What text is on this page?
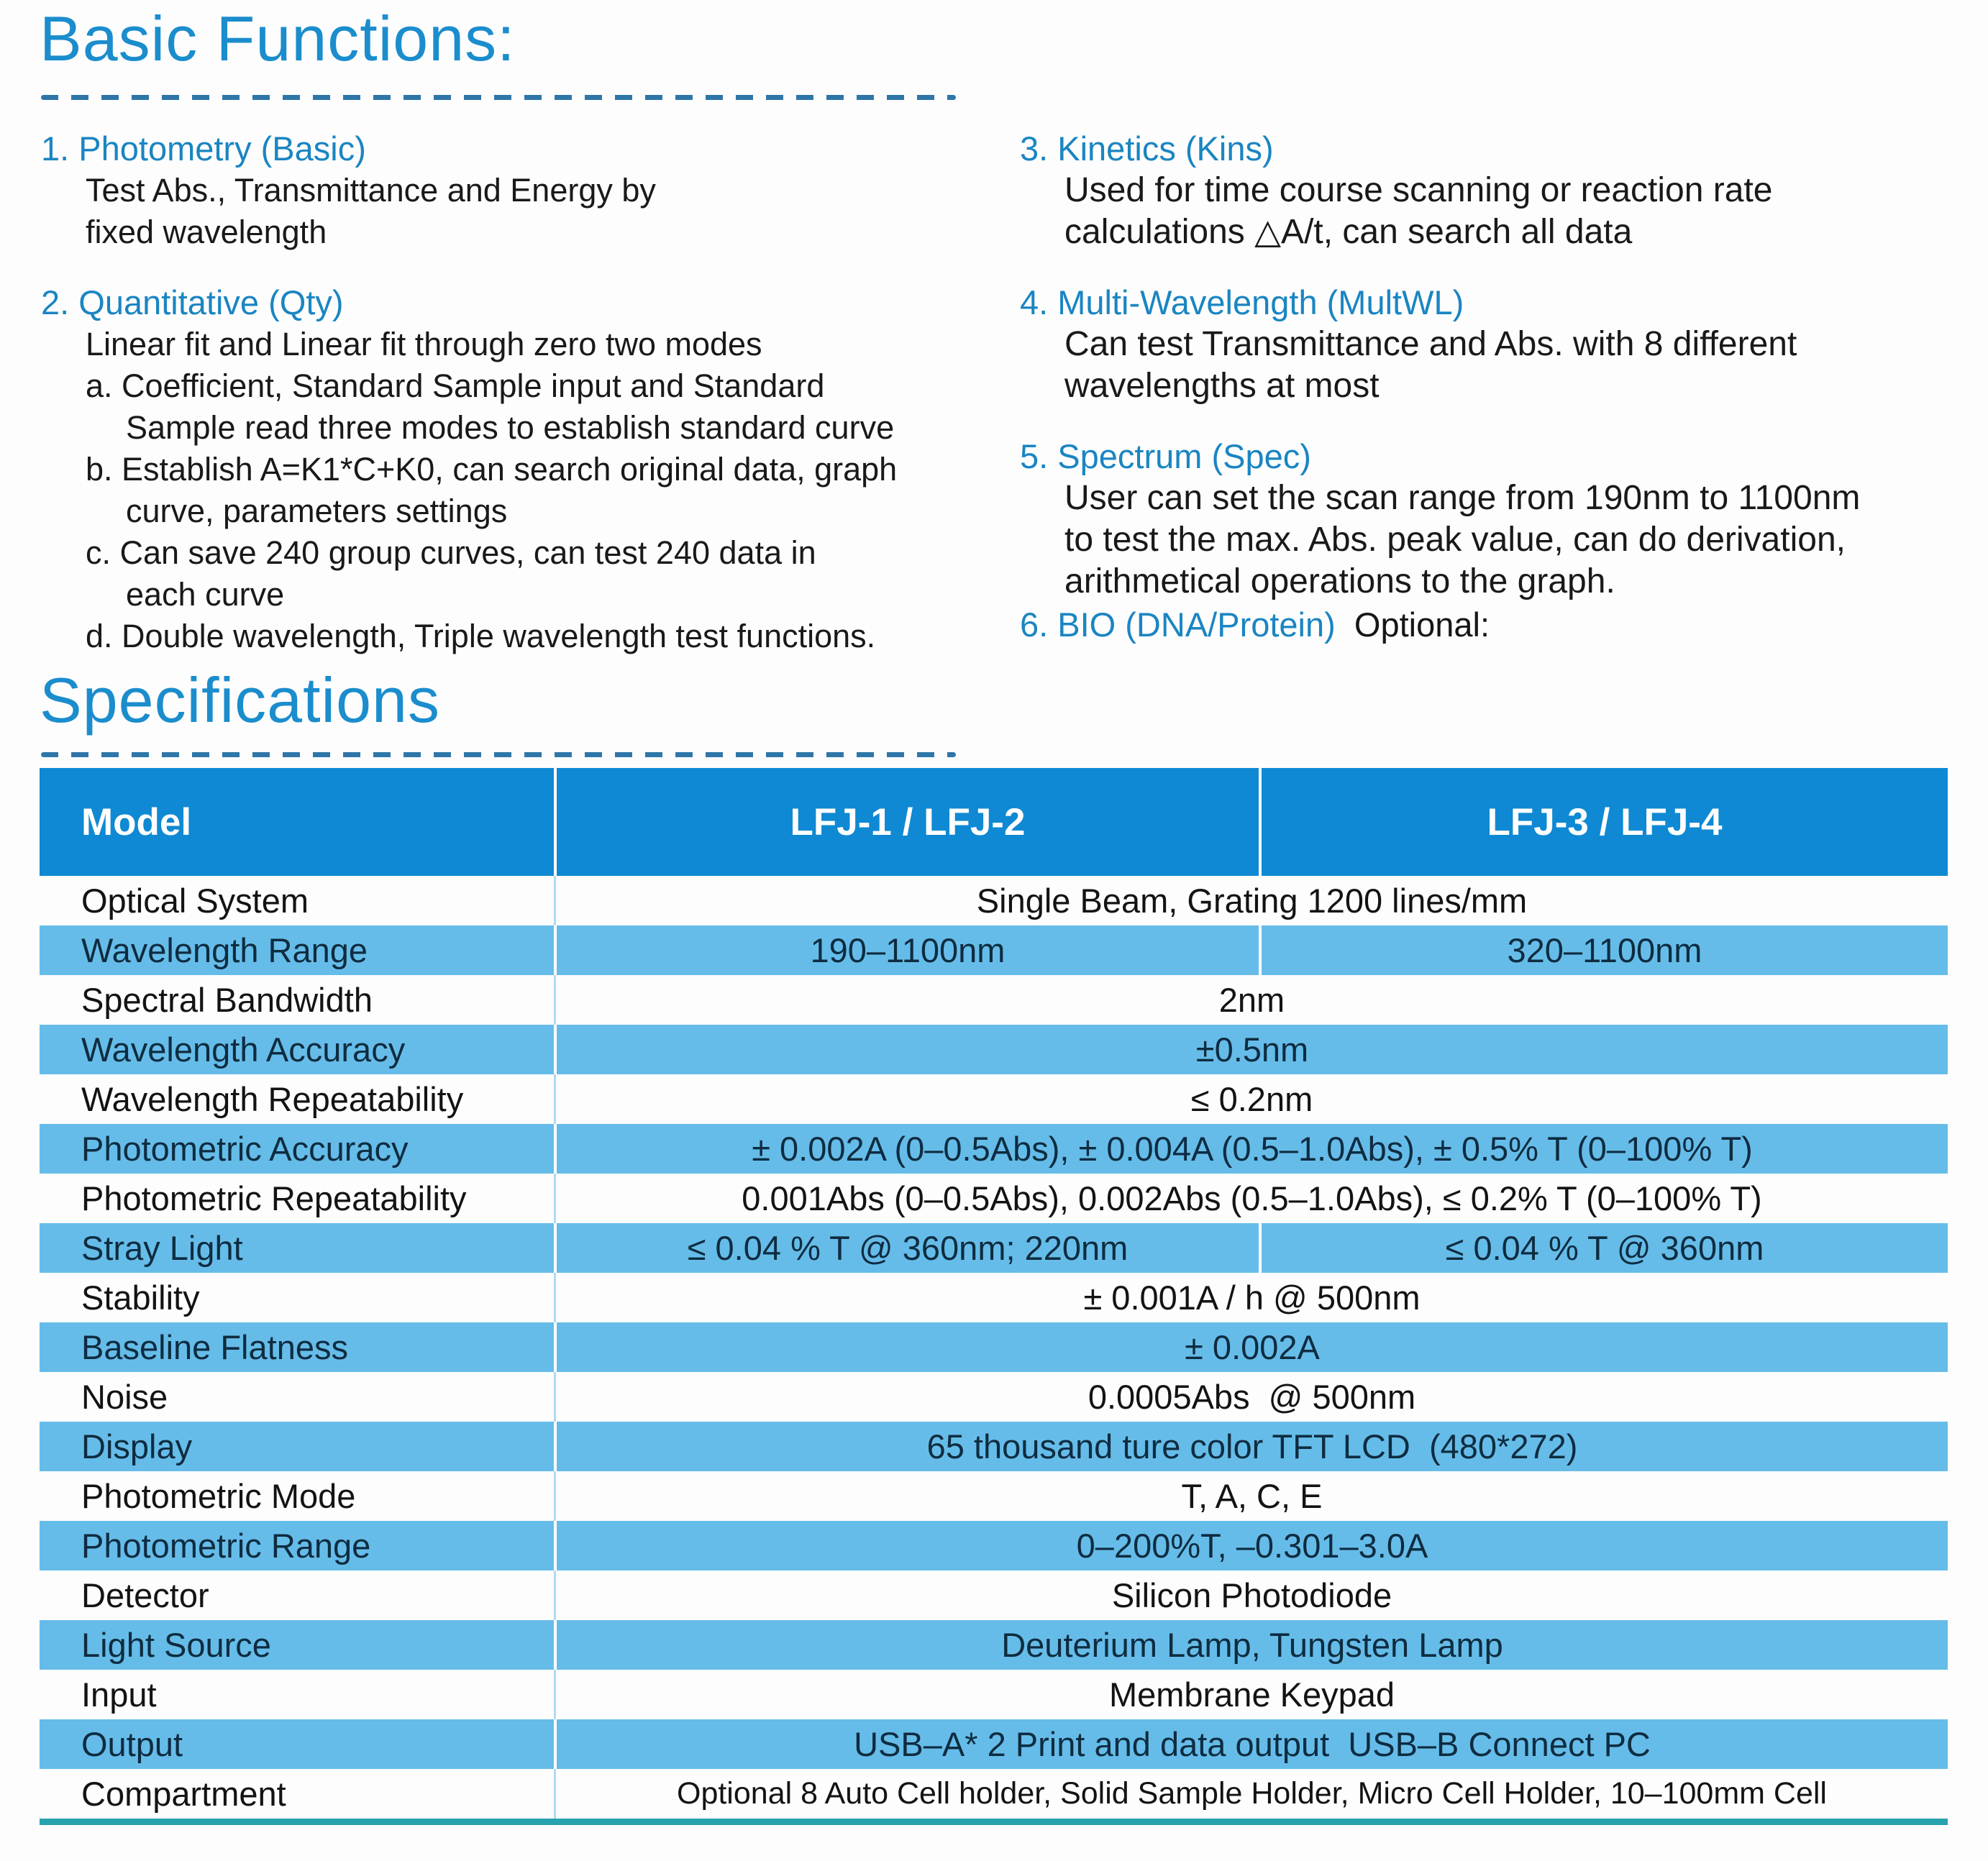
Basic Functions:
1. Photometry (Basic)
Test Abs., Transmittance and Energy by
fixed wavelength
2. Quantitative (Qty)
Linear fit and Linear fit through zero two modes
a. Coefficient, Standard Sample input and Standard
Sample read three modes to establish standard curve
b. Establish A=K1*C+K0, can search original data, graph
curve, parameters settings
c. Can save 240 group curves, can test 240 data in
each curve
d. Double wavelength, Triple wavelength test functions.
3. Kinetics (Kins)
Used for time course scanning or reaction rate
calculations △A/t, can search all data
4. Multi-Wavelength (MultWL)
Can test Transmittance and Abs. with 8 different
wavelengths at most
5. Spectrum (Spec)
User can set the scan range from 190nm to 1100nm
to test the max. Abs. peak value, can do derivation,
arithmetical operations to the graph.
6. BIO (DNA/Protein)  Optional:
Specifications
Model	LFJ-1 / LFJ-2	LFJ-3 / LFJ-4
Optical System	Single Beam, Grating 1200 lines/mm
Wavelength Range	190–1100nm	320–1100nm
Spectral Bandwidth	2nm
Wavelength Accuracy	±0.5nm
Wavelength Repeatability	≤ 0.2nm
Photometric Accuracy	± 0.002A (0–0.5Abs), ± 0.004A (0.5–1.0Abs), ± 0.5% T (0–100% T)
Photometric Repeatability	0.001Abs (0–0.5Abs), 0.002Abs (0.5–1.0Abs), ≤ 0.2% T (0–100% T)
Stray Light	≤ 0.04 % T @ 360nm; 220nm	≤ 0.04 % T @ 360nm
Stability	± 0.001A / h @ 500nm
Baseline Flatness	± 0.002A
Noise	0.0005Abs  @ 500nm
Display	65 thousand ture color TFT LCD  (480*272)
Photometric Mode	T, A, C, E
Photometric Range	0–200%T, –0.301–3.0A
Detector	Silicon Photodiode
Light Source	Deuterium Lamp, Tungsten Lamp
Input	Membrane Keypad
Output	USB–A* 2 Print and data output  USB–B Connect PC
Compartment	Optional 8 Auto Cell holder, Solid Sample Holder, Micro Cell Holder, 10–100mm Cell
